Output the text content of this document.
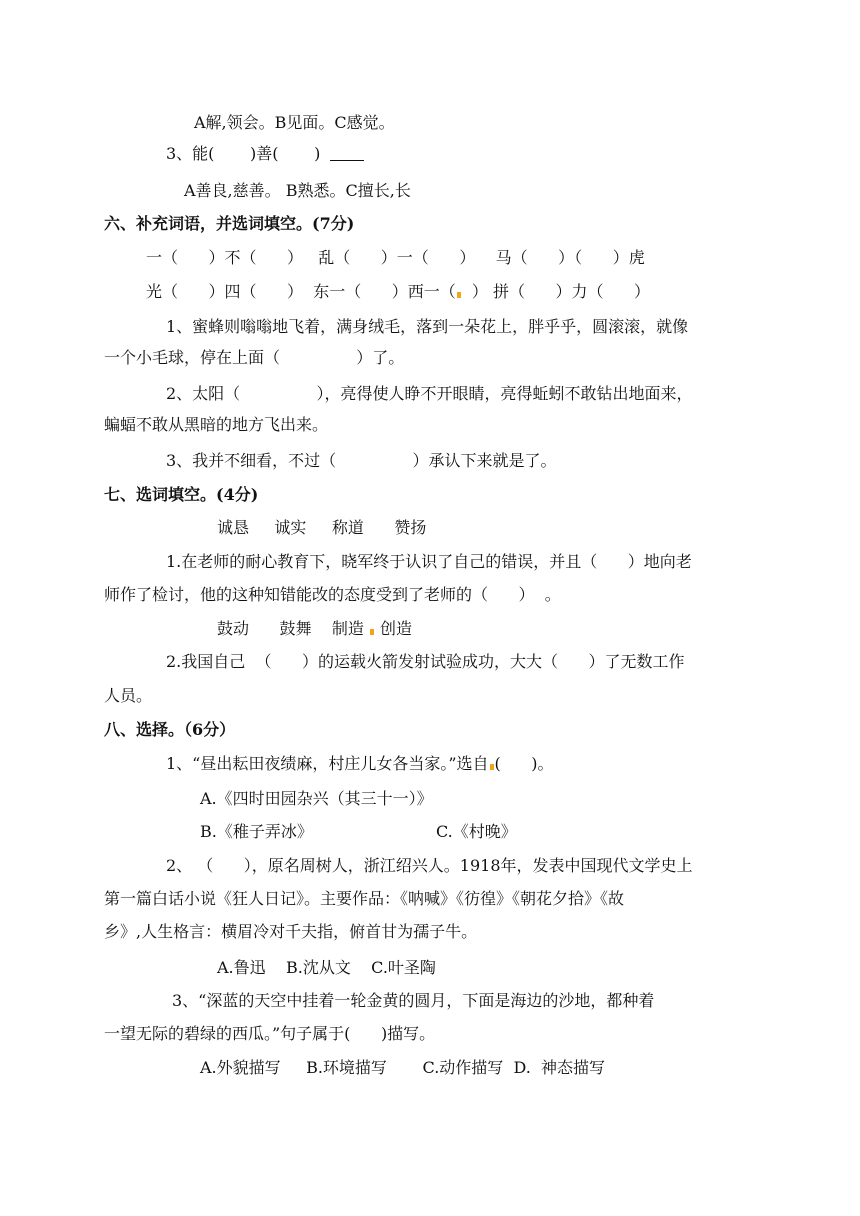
A解,领会。B见面。C感觉。
3、能(       )善(       )
A善良,慈善。 B熟悉。C擅长,长
六、补充词语，并选词填空。(7分)
一（      ）不（      ）   乱（      ）一（      ）    马（      ）（      ）虎
光（      ）四（      ）  东一（      ）西一（  ） 拼（      ）力（      ）
1、蜜蜂则嗡嗡地飞着，满身绒毛，落到一朵花上，胖乎乎，圆滚滚，就像
一个小毛球，停在上面（               ）了。
2、太阳（               ），亮得使人睁不开眼睛，亮得蚯蚓不敢钻出地面来，
蝙蝠不敢从黑暗的地方飞出来。
3、我并不细看，不过（               ）承认下来就是了。
七、选词填空。(4分)
诚恳     诚实     称道      赞扬
1.在老师的耐心教育下，晓军终于认识了自己的错误，并且（      ）地向老
师作了检讨，他的这种知错能改的态度受到了老师的（      ）  。
鼓动      鼓舞    制造  创造
2.我国自己  （      ）的运载火箭发射试验成功，大大（      ）了无数工作
人员。
八、选择。（6分）
1、“昼出耘田夜绩麻，村庄儿女各当家。”选自 (      )。
A.《四时田园杂兴（其三十一）》
B.《稚子弄冰》	C.《村晚》
2、 （      ），原名周树人，浙江绍兴人。1918年，发表中国现代文学史上
第一篇白话小说《狂人日记》。主要作品：《呐喊》《彷徨》《朝花夕拾》《故
乡》,人生格言：横眉冷对千夫指，俯首甘为孺子牛。
A.鲁迅    B.沈从文    C.叶圣陶
3、“深蓝的天空中挂着一轮金黄的圆月，下面是海边的沙地，都种着
一望无际的碧绿的西瓜。”句子属于(      )描写。
A.外貌描写     B.环境描写       C.动作描写  D.  神态描写
